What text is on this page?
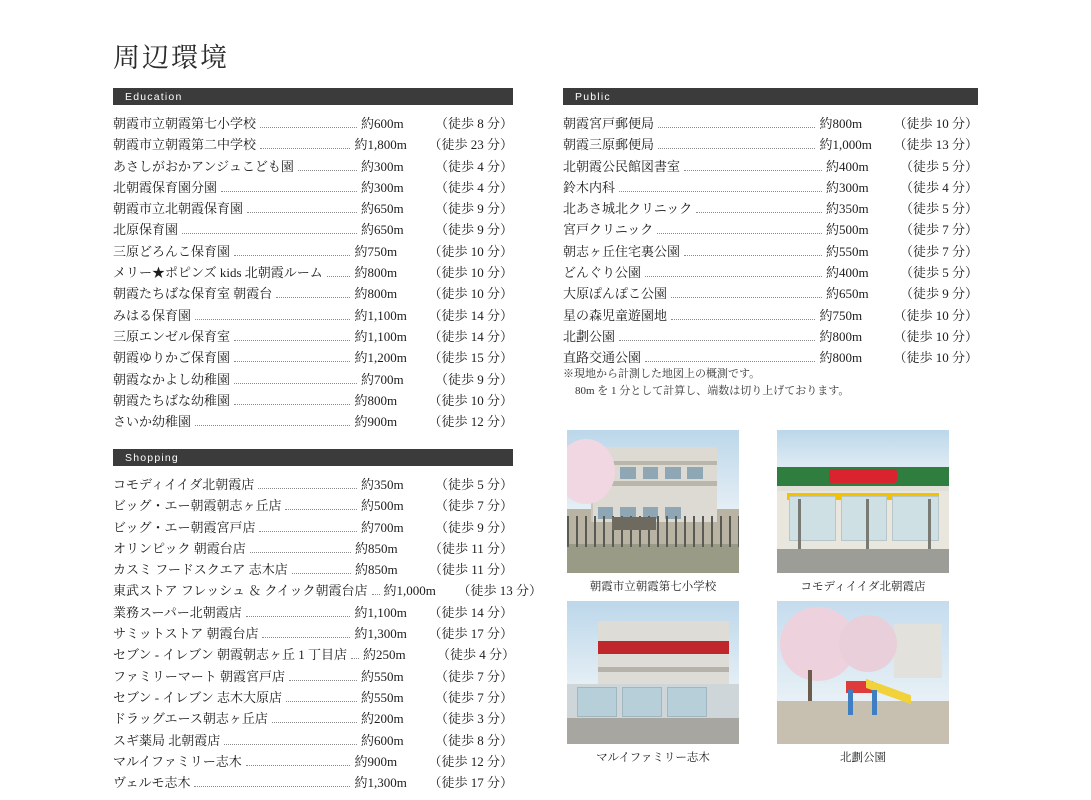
周辺環境
Education
朝霞市立朝霞第七小学校	約600m （徒歩 8 分）
朝霞市立朝霞第二中学校	約1,800m （徒歩 23 分）
あさしがおかアンジュこども園	約300m （徒歩 4 分）
北朝霞保育園分園	約300m （徒歩 4 分）
朝霞市立北朝霞保育園	約650m （徒歩 9 分）
北原保育園	約650m （徒歩 9 分）
三原どろんこ保育園	約750m （徒歩 10 分）
メリー★ポピンズ kids 北朝霞ルーム 約800m （徒歩 10 分）
朝霞たちばな保育室 朝霞台	約800m （徒歩 10 分）
みはる保育園	約1,100m （徒歩 14 分）
三原エンゼル保育室	約1,100m （徒歩 14 分）
朝霞ゆりかご保育園	約1,200m （徒歩 15 分）
朝霞なかよし幼稚園	約700m （徒歩 9 分）
朝霞たちばな幼稚園	約800m （徒歩 10 分）
さいか幼稚園	約900m （徒歩 12 分）
Shopping
コモディイイダ北朝霞店	約350m （徒歩 5 分）
ビッグ・エー朝霞朝志ヶ丘店	約500m （徒歩 7 分）
ビッグ・エー朝霞宮戸店	約700m （徒歩 9 分）
オリンピック 朝霞台店	約850m （徒歩 11 分）
カスミ フードスクエア 志木店	約850m （徒歩 11 分）
東武ストア フレッシュ ＆ クイック朝霞台店 約1,000m （徒歩 13 分）
業務スーパー北朝霞店	約1,100m （徒歩 14 分）
サミットストア 朝霞台店	約1,300m （徒歩 17 分）
セブン - イレブン 朝霞朝志ヶ丘 1 丁目店 約250m （徒歩 4 分）
ファミリーマート 朝霞宮戸店	約550m （徒歩 7 分）
セブン - イレブン 志木大原店	約550m （徒歩 7 分）
ドラッグエース朝志ヶ丘店	約200m （徒歩 3 分）
スギ薬局 北朝霞店	約600m （徒歩 8 分）
マルイファミリー志木	約900m （徒歩 12 分）
ヴェルモ志木	約1,300m （徒歩 17 分）
Public
朝霞宮戸郵便局	約800m （徒歩 10 分）
朝霞三原郵便局	約1,000m （徒歩 13 分）
北朝霞公民館図書室	約400m （徒歩 5 分）
鈴木内科	約300m （徒歩 4 分）
北あさ城北クリニック	約350m （徒歩 5 分）
宮戸クリニック	約500m （徒歩 7 分）
朝志ヶ丘住宅裏公園	約550m （徒歩 7 分）
どんぐり公園	約400m （徒歩 5 分）
大原ぽんぽこ公園	約650m （徒歩 9 分）
星の森児童遊園地	約750m （徒歩 10 分）
北劃公園	約800m （徒歩 10 分）
直路交通公園	約800m （徒歩 10 分）
※現地から計測した地図上の概測です。
80m を 1 分として計算し、端数は切り上げております。
朝霞市立朝霞第七小学校	コモディイイダ北朝霞店
マルイファミリー志木	北劃公園
